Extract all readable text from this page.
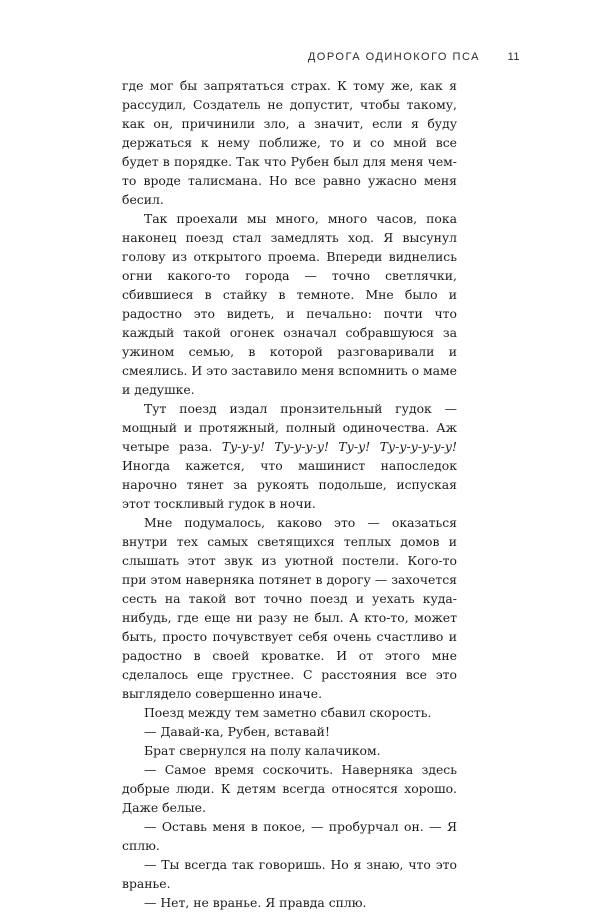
ДОРОГА ОДИНОКОГО ПСА	11

где мог бы запрятаться страх. К тому же, как я рассудил, Создатель не допустит, чтобы такому, как он, причинили зло, а значит, если я буду держаться к нему поближе, то и со мной все будет в порядке. Так что Рубен был для меня чем-то вроде талисмана. Но все равно ужасно меня бесил.

Так проехали мы много, много часов, пока наконец поезд стал замедлять ход. Я высунул голову из открытого проема. Впереди виднелись огни какого-то города — точно светлячки, сбившиеся в стайку в темноте. Мне было и радостно это видеть, и печально: почти что каждый такой огонек означал собравшуюся за ужином семью, в которой разговаривали и смеялись. И это заставило меня вспомнить о маме и дедушке.

Тут поезд издал пронзительный гудок — мощный и протяжный, полный одиночества. Аж четыре раза. Ту-у-у! Ту-у-у-у! Ту-у! Ту-у-у-у-у-у! Иногда кажется, что машинист напоследок нарочно тянет за рукоять подольше, испуская этот тоскливый гудок в ночи.

Мне подумалось, каково это — оказаться внутри тех самых светящихся теплых домов и слышать этот звук из уютной постели. Кого-то при этом наверняка потянет в дорогу — захочется сесть на такой вот точно поезд и уехать куда-нибудь, где еще ни разу не был. А кто-то, может быть, просто почувствует себя очень счастливо и радостно в своей кроватке. И от этого мне сделалось еще грустнее. С расстояния все это выглядело совершенно иначе.

Поезд между тем заметно сбавил скорость.

— Давай-ка, Рубен, вставай!

Брат свернулся на полу калачиком.

— Самое время соскочить. Наверняка здесь добрые люди. К детям всегда относятся хорошо. Даже белые.

— Оставь меня в покое, — пробурчал он. — Я сплю.

— Ты всегда так говоришь. Но я знаю, что это вранье.

— Нет, не вранье. Я правда сплю.
